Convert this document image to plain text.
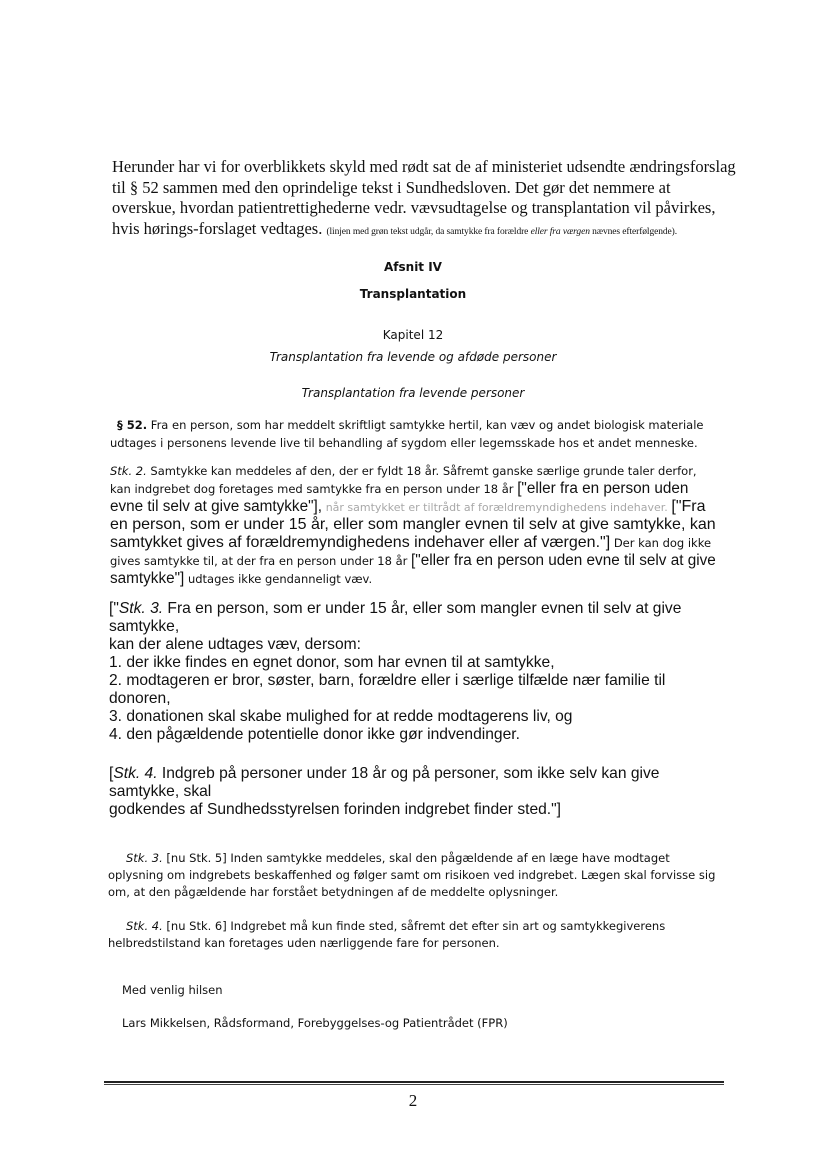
Herunder har vi for overblikkets skyld med rødt sat de af ministeriet udsendte ændringsforslag til § 52 sammen med den oprindelige tekst i Sundhedsloven. Det gør det nemmere at overskue, hvordan patientrettighederne vedr. vævsudtagelse og transplantation vil påvirkes, hvis hørings-forslaget vedtages. (linjen med grøn tekst udgår, da samtykke fra forældre eller fra værgen nævnes efterfølgende).

Afsnit IV
Transplantation
Kapitel 12
Transplantation fra levende og afdøde personer
Transplantation fra levende personer

§ 52. Fra en person, som har meddelt skriftligt samtykke hertil, kan væv og andet biologisk materiale udtages i personens levende live til behandling af sygdom eller legemsskade hos et andet menneske.

Stk. 2. Samtykke kan meddeles af den, der er fyldt 18 år. Såfremt ganske særlige grunde taler derfor, kan indgrebet dog foretages med samtykke fra en person under 18 år ["eller fra en person uden evne til selv at give samtykke"], når samtykket er tiltrådt af forældremyndighedens indehaver. ["Fra en person, som er under 15 år, eller som mangler evnen til selv at give samtykke, kan samtykket gives af forældremyndighedens indehaver eller af værgen."] Der kan dog ikke gives samtykke til, at der fra en person under 18 år ["eller fra en person uden evne til selv at give samtykke"] udtages ikke gendanneligt væv.

["Stk. 3. Fra en person, som er under 15 år, eller som mangler evnen til selv at give samtykke,
kan der alene udtages væv, dersom:
1. der ikke findes en egnet donor, som har evnen til at samtykke,
2. modtageren er bror, søster, barn, forældre eller i særlige tilfælde nær familie til donoren,
3. donationen skal skabe mulighed for at redde modtagerens liv, og
4. den pågældende potentielle donor ikke gør indvendinger.
[Stk. 4. Indgreb på personer under 18 år og på personer, som ikke selv kan give samtykke, skal
godkendes af Sundhedsstyrelsen forinden indgrebet finder sted."]

Stk. 3. [nu Stk. 5] Inden samtykke meddeles, skal den pågældende af en læge have modtaget oplysning om indgrebets beskaffenhed og følger samt om risikoen ved indgrebet. Lægen skal forvisse sig om, at den pågældende har forstået betydningen af de meddelte oplysninger.

Stk. 4. [nu Stk. 6] Indgrebet må kun finde sted, såfremt det efter sin art og samtykkegiverens helbredstilstand kan foretages uden nærliggende fare for personen.

Med venlig hilsen

Lars Mikkelsen, Rådsformand, Forebyggelses-og Patientrådet (FPR)

2
